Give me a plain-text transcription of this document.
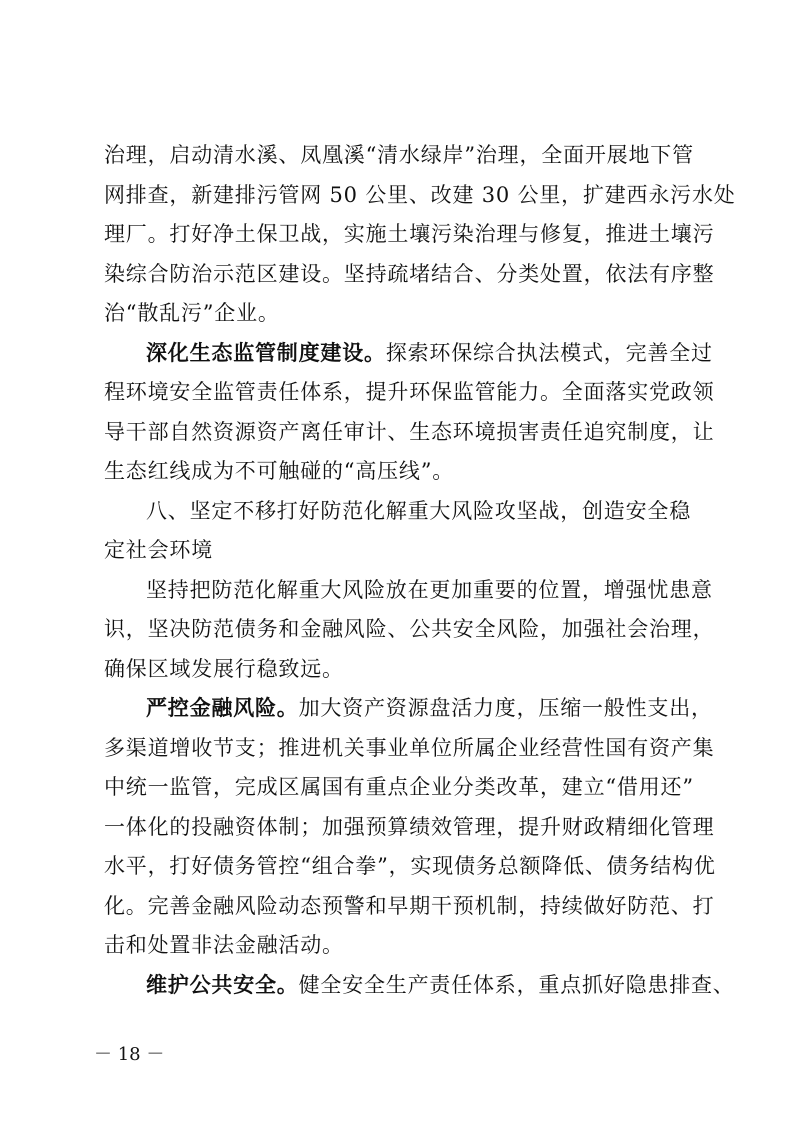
治理，启动清水溪、凤凰溪“清水绿岸”治理，全面开展地下管
网排查，新建排污管网 50 公里、改建 30 公里，扩建西永污水处
理厂。打好净土保卫战，实施土壤污染治理与修复，推进土壤污
染综合防治示范区建设。坚持疏堵结合、分类处置，依法有序整
治“散乱污”企业。
深化生态监管制度建设。探索环保综合执法模式，完善全过
程环境安全监管责任体系，提升环保监管能力。全面落实党政领
导干部自然资源资产离任审计、生态环境损害责任追究制度，让
生态红线成为不可触碰的“高压线”。
八、坚定不移打好防范化解重大风险攻坚战，创造安全稳
定社会环境
坚持把防范化解重大风险放在更加重要的位置，增强忧患意
识，坚决防范债务和金融风险、公共安全风险，加强社会治理，
确保区域发展行稳致远。
严控金融风险。加大资产资源盘活力度，压缩一般性支出，
多渠道增收节支；推进机关事业单位所属企业经营性国有资产集
中统一监管，完成区属国有重点企业分类改革，建立“借用还”
一体化的投融资体制；加强预算绩效管理，提升财政精细化管理
水平，打好债务管控“组合拳”，实现债务总额降低、债务结构优
化。完善金融风险动态预警和早期干预机制，持续做好防范、打
击和处置非法金融活动。
维护公共安全。健全安全生产责任体系，重点抓好隐患排查、
－ 18 －
